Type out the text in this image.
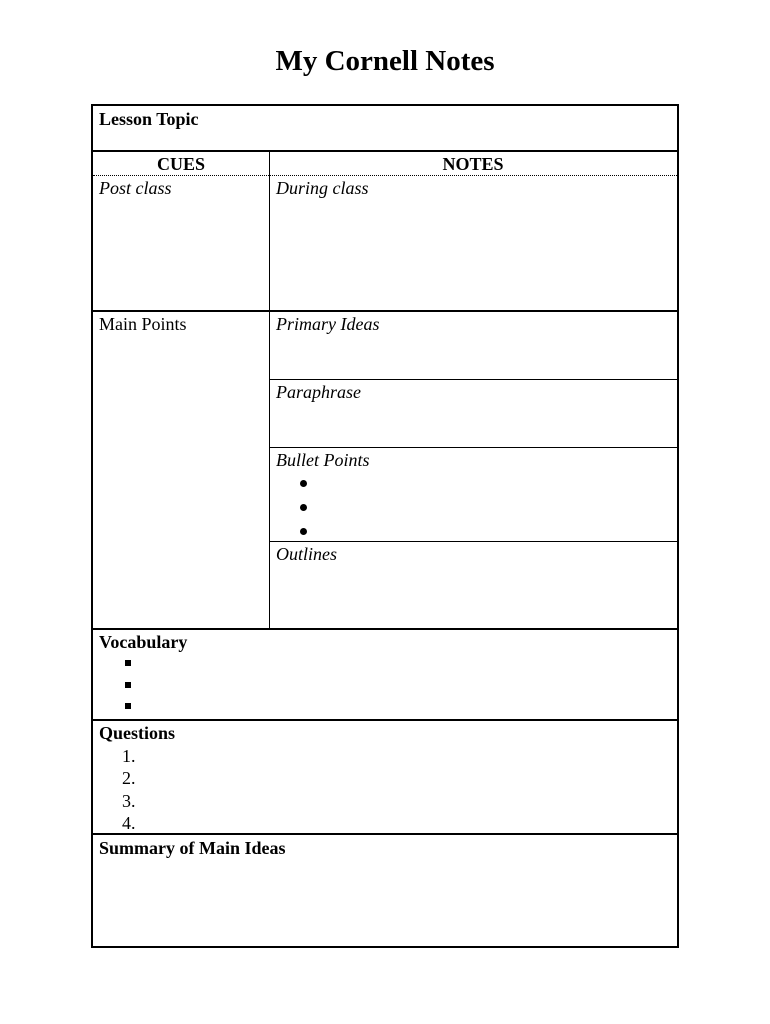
My Cornell Notes
Lesson Topic
CUES	NOTES
Post class	During class
Main Points	Primary Ideas
Paraphrase
Bullet Points
Outlines
Vocabulary
Questions
1.
2.
3.
4.
Summary of Main Ideas
